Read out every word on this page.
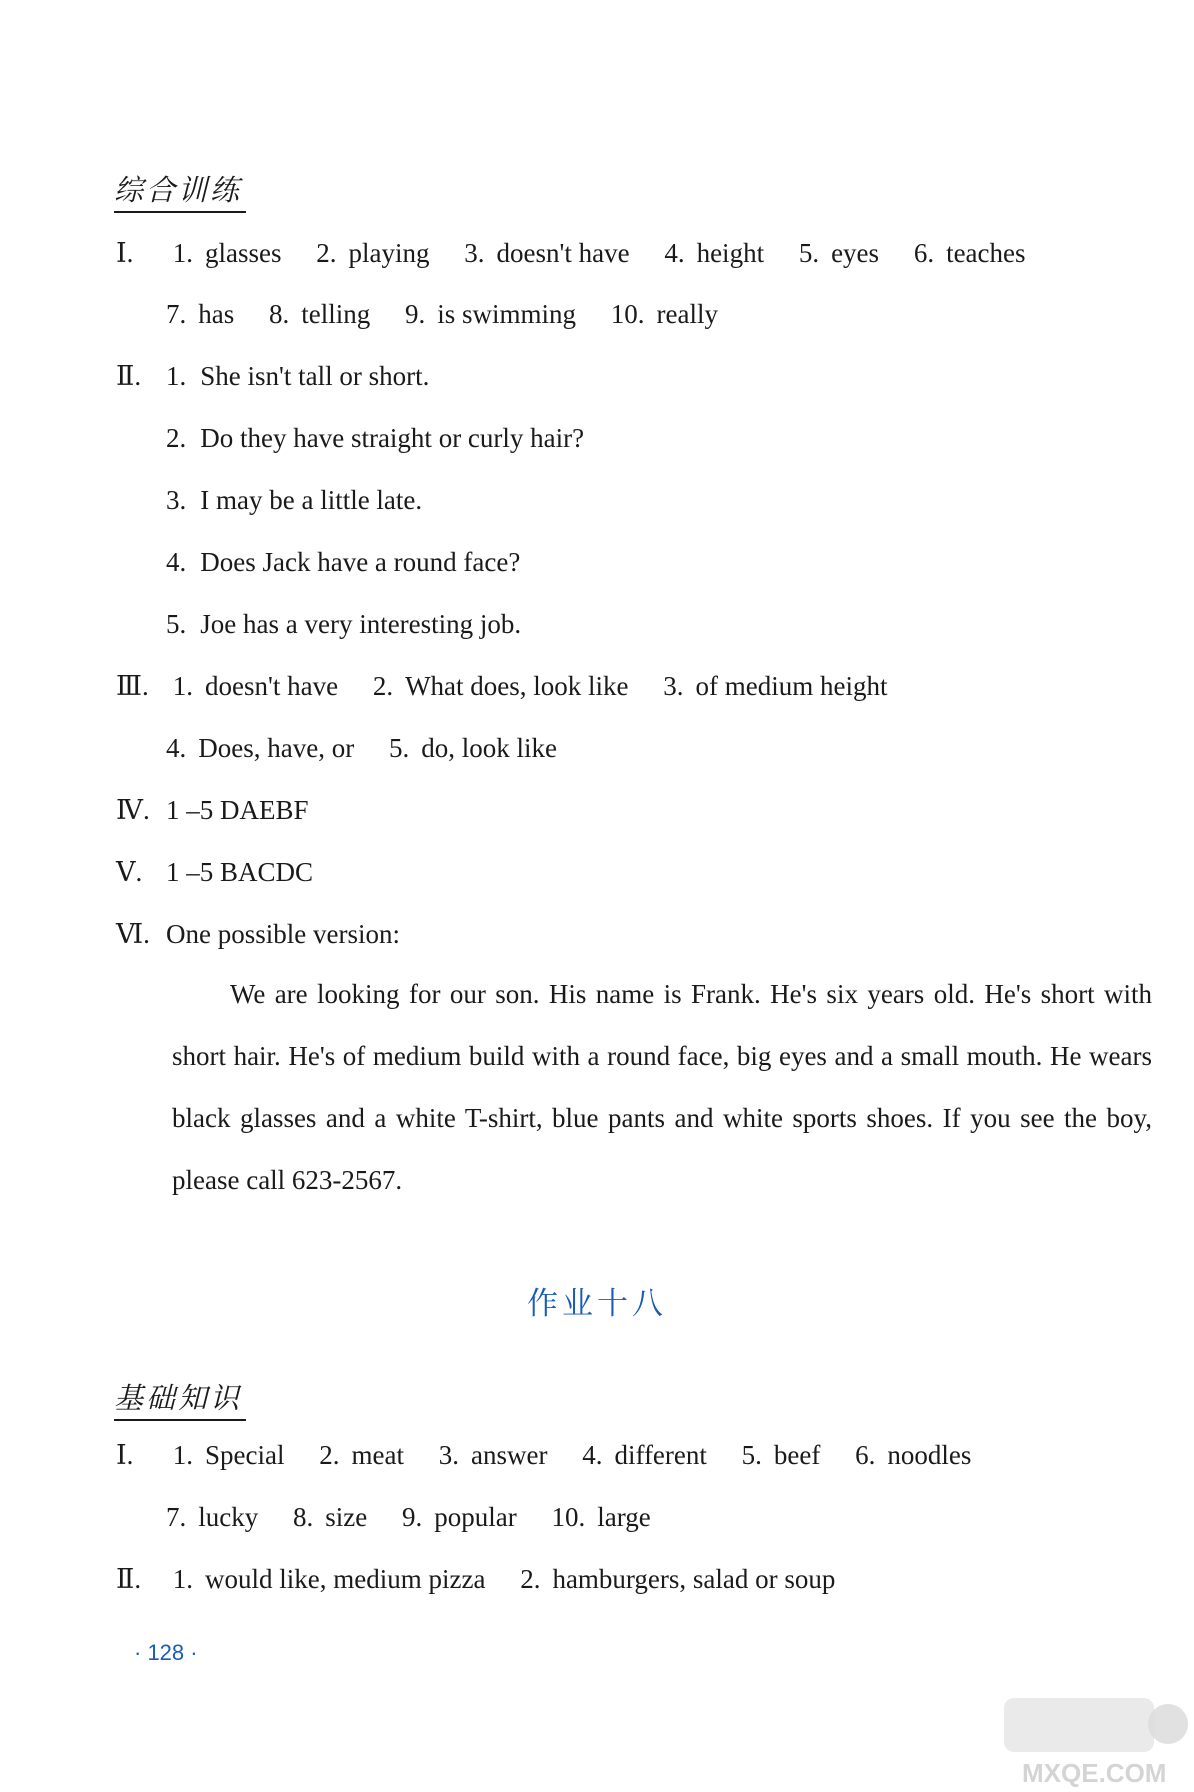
综合训练
Ⅰ. 1. glasses 2. playing 3. doesn't have 4. height 5. eyes 6. teaches
7. has 8. telling 9. is swimming 10. really
Ⅱ. 1. She isn't tall or short.
2. Do they have straight or curly hair?
3. I may be a little late.
4. Does Jack have a round face?
5. Joe has a very interesting job.
Ⅲ. 1. doesn't have 2. What does, look like 3. of medium height
4. Does, have, or 5. do, look like
Ⅳ. 1 –5 DAEBF
Ⅴ. 1 –5 BACDC
Ⅵ. One possible version:
We are looking for our son. His name is Frank. He's six years old. He's short with short hair. He's of medium build with a round face, big eyes and a small mouth. He wears black glasses and a white T-shirt, blue pants and white sports shoes. If you see the boy, please call 623-2567.
作业十八
基础知识
Ⅰ. 1. Special 2. meat 3. answer 4. different 5. beef 6. noodles
7. lucky 8. size 9. popular 10. large
Ⅱ. 1. would like, medium pizza 2. hamburgers, salad or soup
· 128 ·
MXQE.COM
